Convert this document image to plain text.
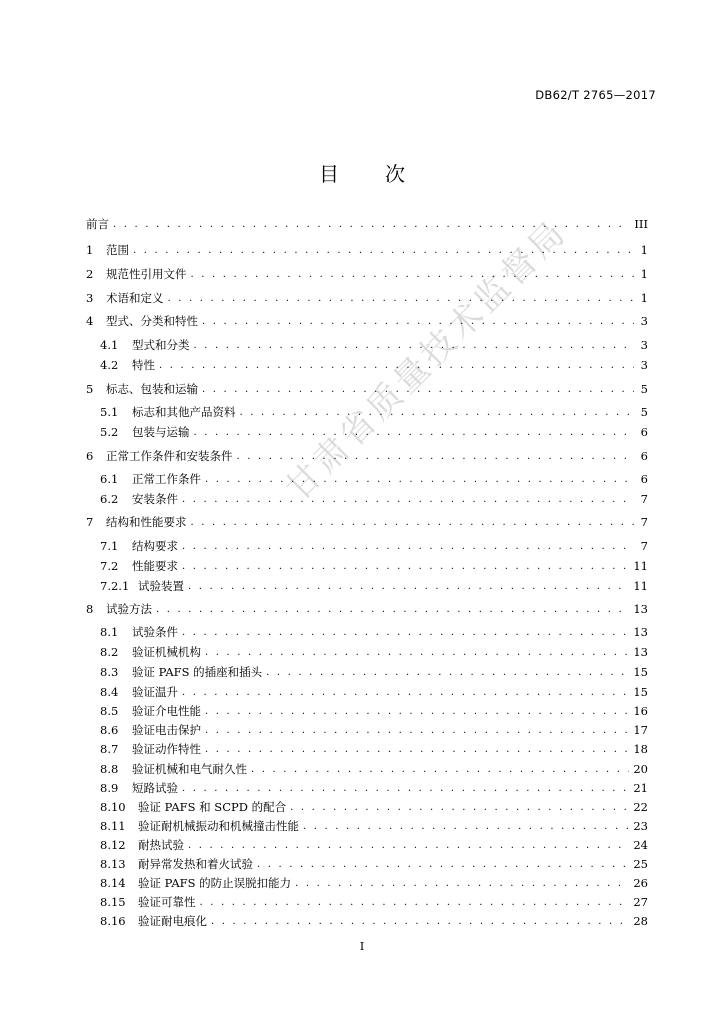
DB62/T 2765—2017
目 次
甘肃省质量技术监督局
前言 . . .	III
1	范围 . . .	1
2	规范性引用文件 . . .	1
3	术语和定义 . . .	1
4	型式、分类和特性 . . .	3
4.1	型式和分类 . . .	3
4.2	特性 . . .	3
5	标志、包装和运输 . . .	5
5.1	标志和其他产品资料 . . .	5
5.2	包装与运输 . . .	6
6	正常工作条件和安装条件 . . .	6
6.1	正常工作条件 . . .	6
6.2	安装条件 . . .	7
7	结构和性能要求 . . .	7
7.1	结构要求 . . .	7
7.2	性能要求 . . .	11
7.2.1 试验装置 . . .	11
8	试验方法 . . .	13
8.1	试验条件 . . .	13
8.2	验证机械机构 . . .	13
8.3	验证 PAFS 的插座和插头 . . .	15
8.4	验证温升 . . .	15
8.5	验证介电性能 . . .	16
8.6	验证电击保护 . . .	17
8.7	验证动作特性 . . .	18
8.8	验证机械和电气耐久性 . . .	20
8.9	短路试验 . . .	21
8.10	验证 PAFS 和 SCPD 的配合 . . .	22
8.11	验证耐机械振动和机械撞击性能 . . .	23
8.12	耐热试验 . . .	24
8.13	耐异常发热和着火试验 . . .	25
8.14	验证 PAFS 的防止误脱扣能力 . . .	26
8.15	验证可靠性 . . .	27
8.16	验证耐电痕化 . . .	28
I
